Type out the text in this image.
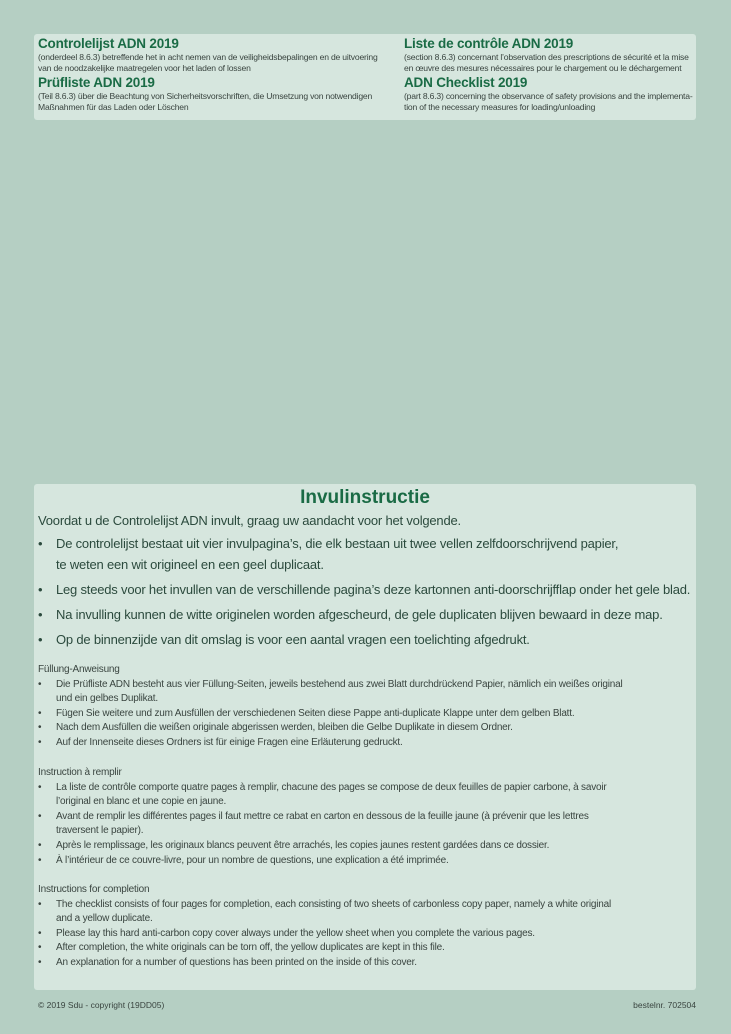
Controlelijst ADN 2019
(onderdeel 8.6.3) betreffende het in acht nemen van de veiligheidsbepalingen en de uitvoering
van de noodzakelijke maatregelen voor het laden of lossen
Prüfliste ADN 2019
(Teil 8.6.3) über die Beachtung von Sicherheitsvorschriften, die Umsetzung von notwendigen
Maßnahmen für das Laden oder Löschen
Liste de contrôle ADN 2019
(section 8.6.3) concernant l’observation des prescriptions de sécurité et la mise
en œuvre des mesures nécessaires pour le chargement ou le déchargement
ADN Checklist 2019
(part 8.6.3) concerning the observance of safety provisions and the implementa-
tion of the necessary measures for loading/unloading
Invulinstructie
Voordat u de Controlelijst ADN invult, graag uw aandacht voor het volgende.
• De controlelijst bestaat uit vier invulpagina’s, die elk bestaan uit twee vellen zelfdoorschrijvend papier,
te weten een wit origineel en een geel duplicaat.
• Leg steeds voor het invullen van de verschillende pagina’s deze kartonnen anti-doorschrijfflap onder het gele blad.
• Na invulling kunnen de witte originelen worden afgescheurd, de gele duplicaten blijven bewaard in deze map.
• Op de binnenzijde van dit omslag is voor een aantal vragen een toelichting afgedrukt.
Füllung-Anweisung
• Die Prüfliste ADN besteht aus vier Füllung-Seiten, jeweils bestehend aus zwei Blatt durchdrückend Papier, nämlich ein weißes original
und ein gelbes Duplikat.
• Fügen Sie weitere und zum Ausfüllen der verschiedenen Seiten diese Pappe anti-duplicate Klappe unter dem gelben Blatt.
• Nach dem Ausfüllen die weißen originale abgerissen werden, bleiben die Gelbe Duplikate in diesem Ordner.
• Auf der Innenseite dieses Ordners ist für einige Fragen eine Erläuterung gedruckt.
Instruction à remplir
• La liste de contrôle comporte quatre pages à remplir, chacune des pages se compose de deux feuilles de papier carbone, à savoir
l’original en blanc et une copie en jaune.
• Avant de remplir les différentes pages il faut mettre ce rabat en carton en dessous de la feuille jaune (à prévenir que les lettres
traversent le papier).
• Après le remplissage, les originaux blancs peuvent être arrachés, les copies jaunes restent gardées dans ce dossier.
• À l’intérieur de ce couvre-livre, pour un nombre de questions, une explication a été imprimée.
Instructions for completion
• The checklist consists of four pages for completion, each consisting of two sheets of carbonless copy paper, namely a white original
and a yellow duplicate.
• Please lay this hard anti-carbon copy cover always under the yellow sheet when you complete the various pages.
• After completion, the white originals can be torn off, the yellow duplicates are kept in this file.
• An explanation for a number of questions has been printed on the inside of this cover.
© 2019 Sdu - copyright (19DD05)	bestelnr. 702504
